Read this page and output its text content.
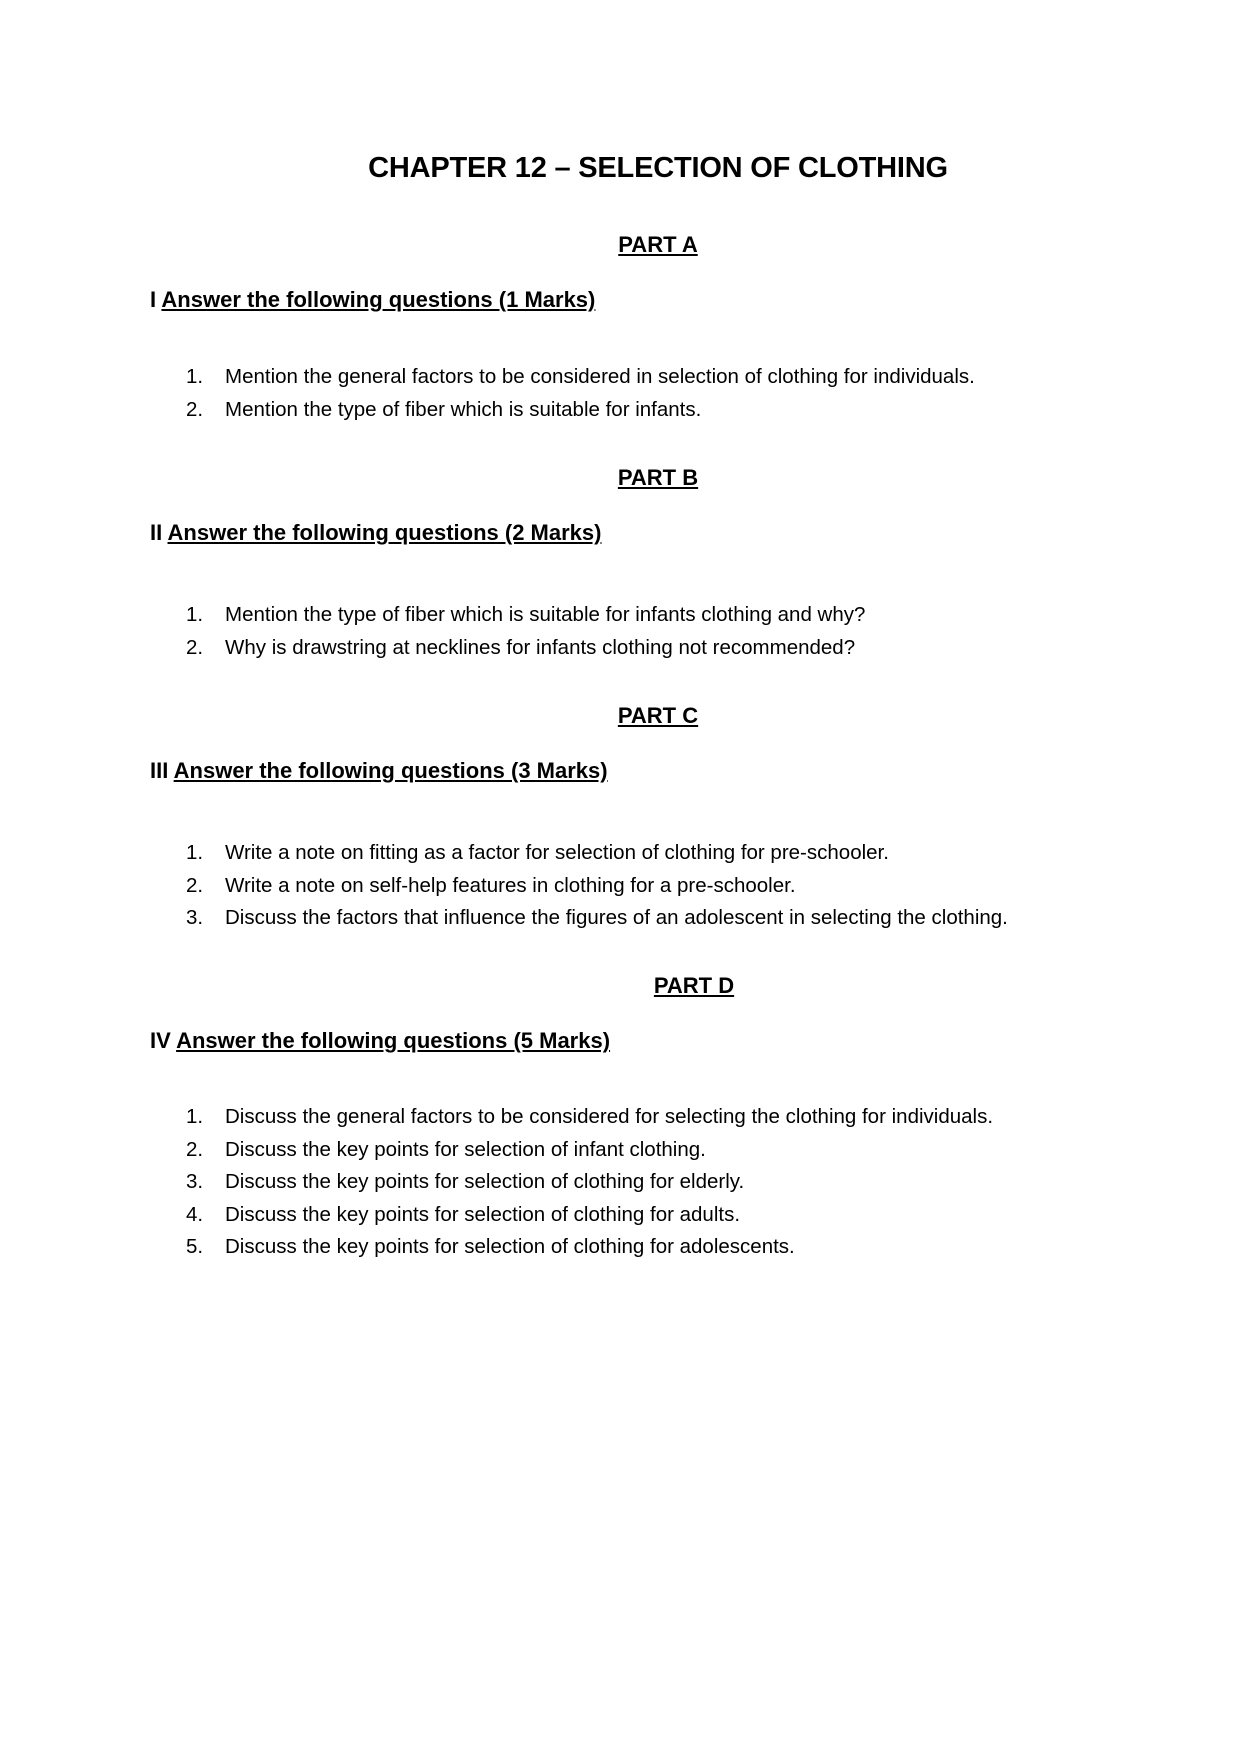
CHAPTER 12 – SELECTION OF CLOTHING
PART A
I Answer the following questions (1 Marks)
1.	Mention the general factors to be considered in selection of clothing for individuals.
2.	Mention the type of fiber which is suitable for infants.
PART B
II Answer the following questions (2 Marks)
1.	Mention the type of fiber which is suitable for infants clothing and why?
2.	Why is drawstring at necklines for infants clothing not recommended?
PART C
III Answer the following questions (3 Marks)
1.	Write a note on fitting as a factor for selection of clothing for pre-schooler.
2.	Write a note on self-help features in clothing for a pre-schooler.
3.	Discuss the factors that influence the figures of an adolescent in selecting the clothing.
PART D
IV Answer the following questions (5 Marks)
1.	Discuss the general factors to be considered for selecting the clothing for individuals.
2.	Discuss the key points for selection of infant clothing.
3.	Discuss the key points for selection of clothing for elderly.
4.	Discuss the key points for selection of clothing for adults.
5.	Discuss the key points for selection of clothing for adolescents.
